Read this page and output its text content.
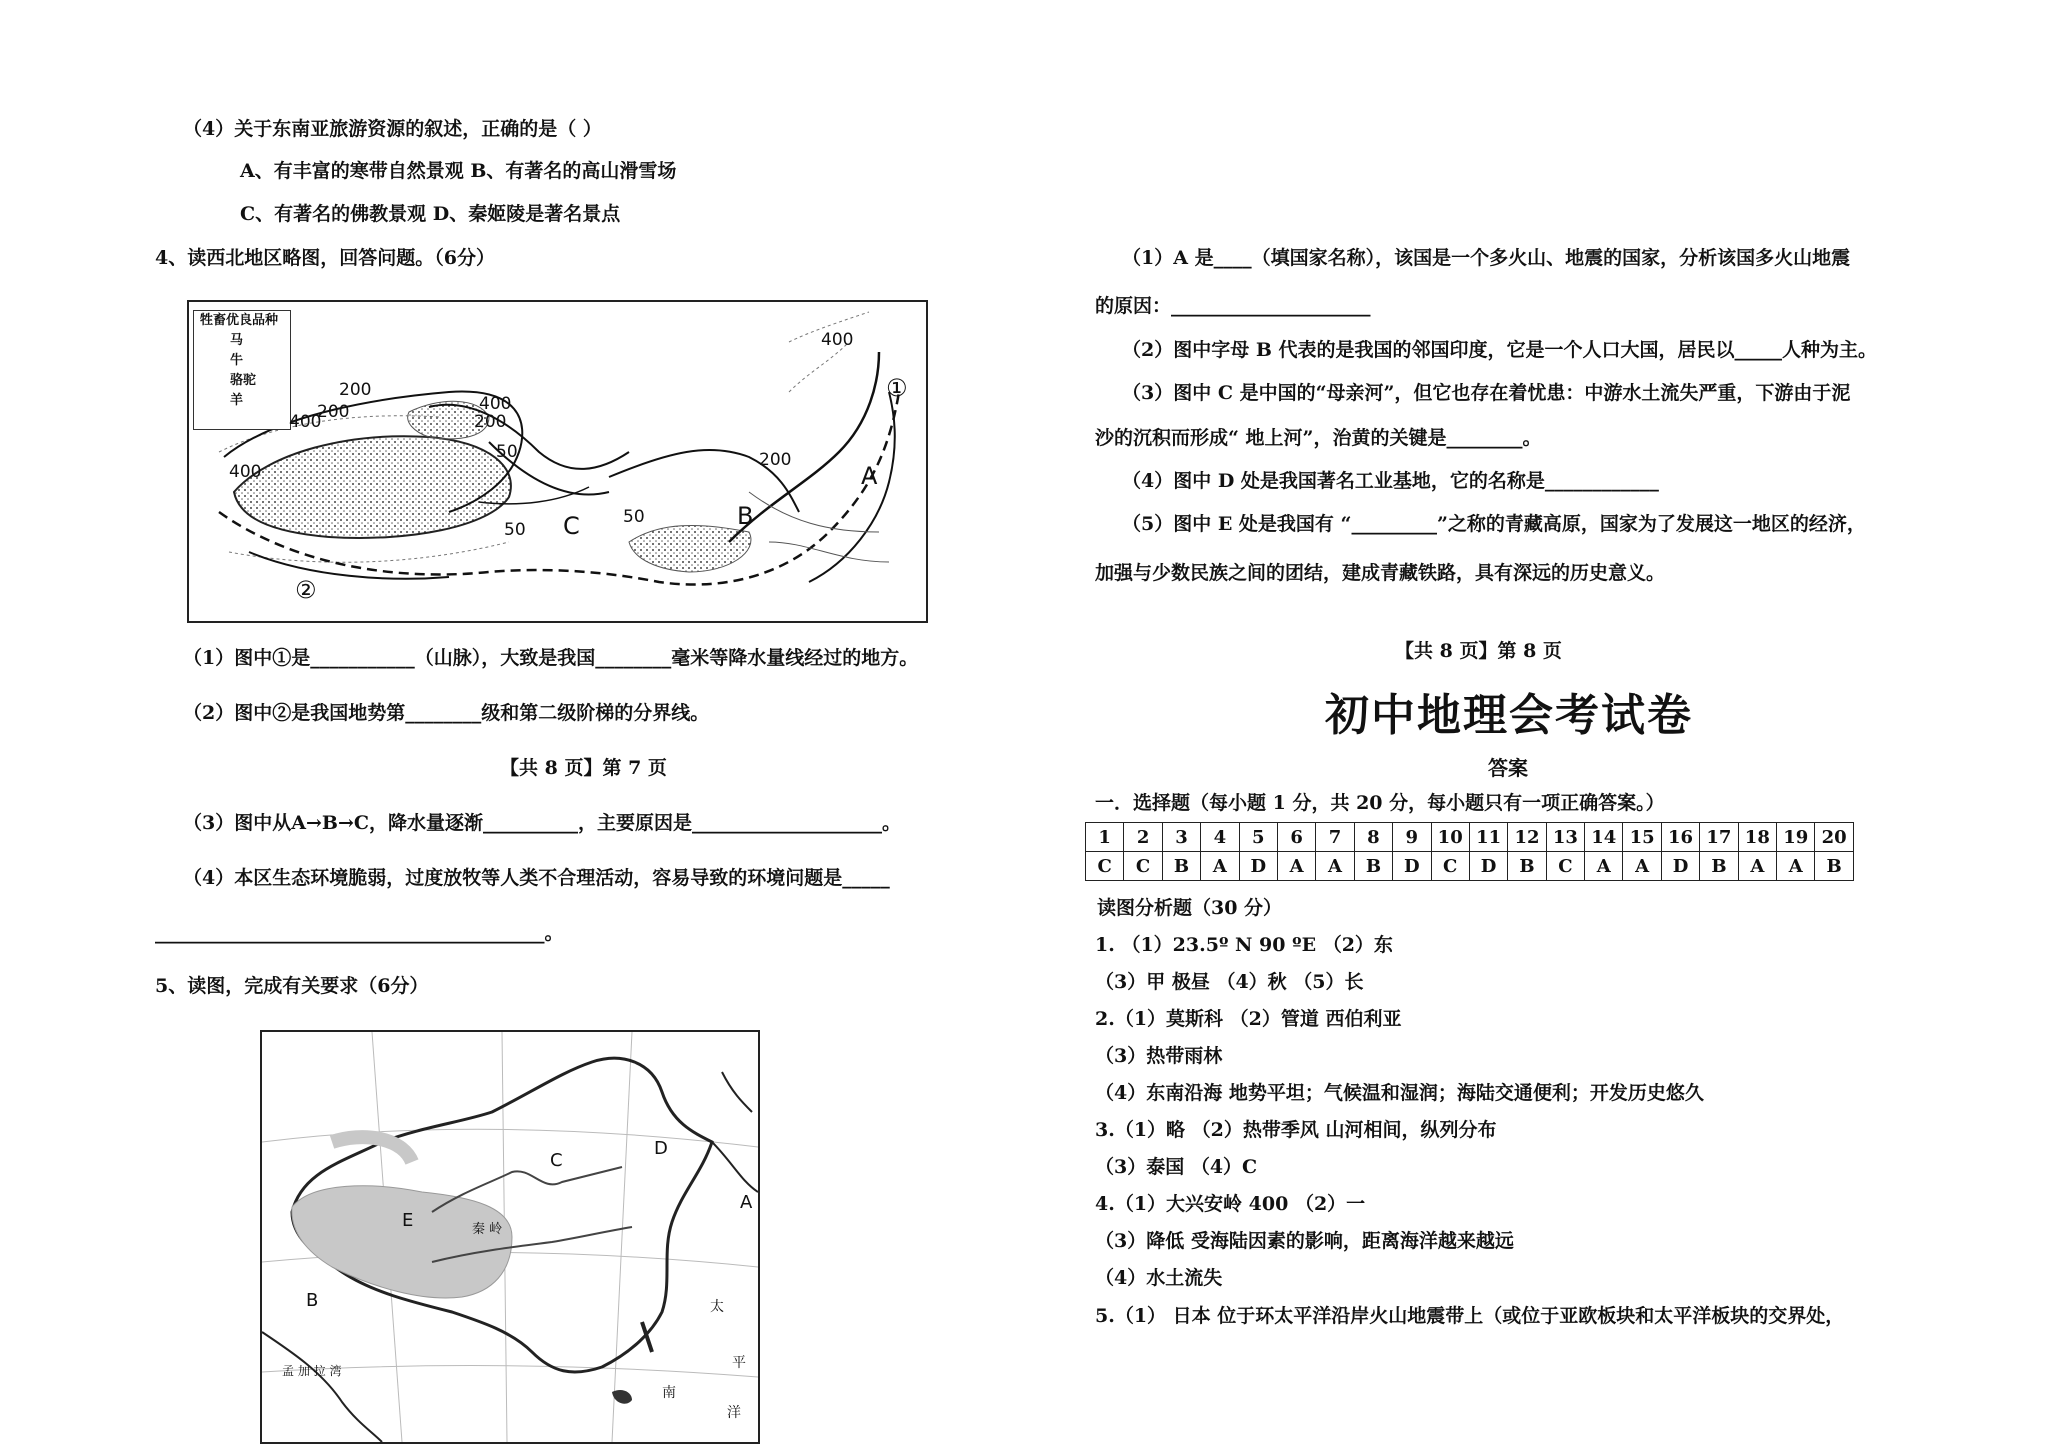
（4）关于东南亚旅游资源的叙述，正确的是（ ）
A、有丰富的寒带自然景观 B、有著名的高山滑雪场
C、有著名的佛教景观 D、秦姬陵是著名景点
4、读西北地区略图，回答问题。（6分）
牲畜优良品种
马
牛
骆驼
羊
200
200	400
400	200
400
50
50
50
200
400
C	B
A
①
②
（1）图中①是___________（山脉），大致是我国________毫米等降水量线经过的地方。
（2）图中②是我国地势第________级和第二级阶梯的分界线。
【共 8 页】第 7 页
（3）图中从A→B→C，降水量逐渐__________，主要原因是____________________。
（4）本区生态环境脆弱，过度放牧等人类不合理活动，容易导致的环境问题是_____
_________________________________________。
5、读图，完成有关要求（6分）
C
D
E
A
B
秦 岭
太
平
洋
南
孟 加 拉 湾
（1）A 是____（填国家名称），该国是一个多火山、地震的国家，分析该国多火山地震
的原因：_____________________
（2）图中字母 B 代表的是我国的邻国印度，它是一个人口大国，居民以_____人种为主。
（3）图中 C 是中国的“母亲河”，但它也存在着忧患：中游水土流失严重，下游由于泥
沙的沉积而形成“ 地上河”，治黄的关键是________。
（4）图中 D 处是我国著名工业基地，它的名称是____________
（5）图中 E 处是我国有 “_________”之称的青藏高原，国家为了发展这一地区的经济，
加强与少数民族之间的团结，建成青藏铁路，具有深远的历史意义。
【共 8 页】第 8 页
初中地理会考试卷
答案
一．选择题（每小题 1 分，共 20 分，每小题只有一项正确答案。）
1	2	3	4	5	6	7	8	9	10	11	12	13	14	15	16	17	18	19	20
C	C	B	A	D	A	A	B	D	C	D	B	C	A	A	D	B	A	A	B
读图分析题（30 分）
1. （1）23.5º N 90 ºE （2）东
（3）甲 极昼 （4）秋 （5）长
2.（1）莫斯科 （2）管道 西伯利亚
（3）热带雨林
（4）东南沿海 地势平坦；气候温和湿润；海陆交通便利；开发历史悠久
3.（1）略 （2）热带季风 山河相间，纵列分布
（3）泰国 （4）C
4.（1）大兴安岭 400 （2）一
（3）降低 受海陆因素的影响，距离海洋越来越远
（4）水土流失
5.（1） 日本 位于环太平洋沿岸火山地震带上（或位于亚欧板块和太平洋板块的交界处，
